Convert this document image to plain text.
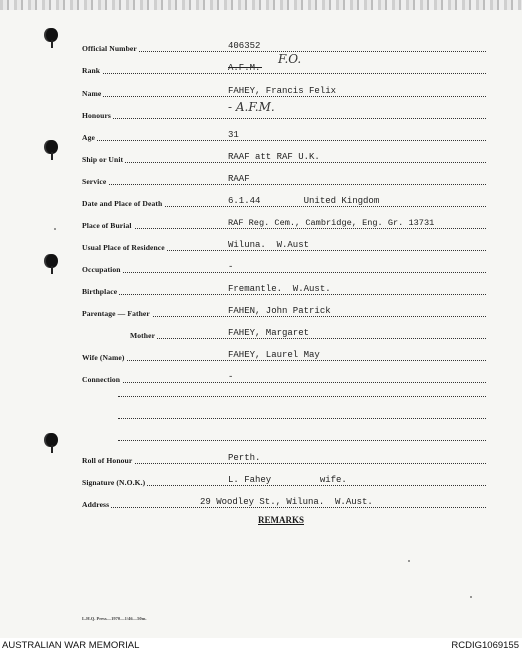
Official Number	406352
Rank	A.F.M.
F.O.
Name	FAHEY, Francis Felix
Honours
- A.F.M.
Age	31
Ship or Unit	RAAF att RAF U.K.
Service	RAAF
Date and Place of Death	6.1.44        United Kingdom
Place of Burial	RAF Reg. Cem., Cambridge, Eng. Gr. 13731
Usual Place of Residence	Wiluna.  W.Aust
Occupation	-
Birthplace	Fremantle.  W.Aust.
Parentage — Father	FAHEN, John Patrick
Mother	FAHEY, Margaret
Wife (Name)	FAHEY, Laurel May
Connection	-
Roll of Honour	Perth.
Signature (N.O.K.)	L. Fahey         wife.
Address	29 Woodley St., Wiluna.  W.Aust.
REMARKS
L.H.Q. Press—1970—1/46—50m.
AUSTRALIAN WAR MEMORIAL	RCDIG1069155
